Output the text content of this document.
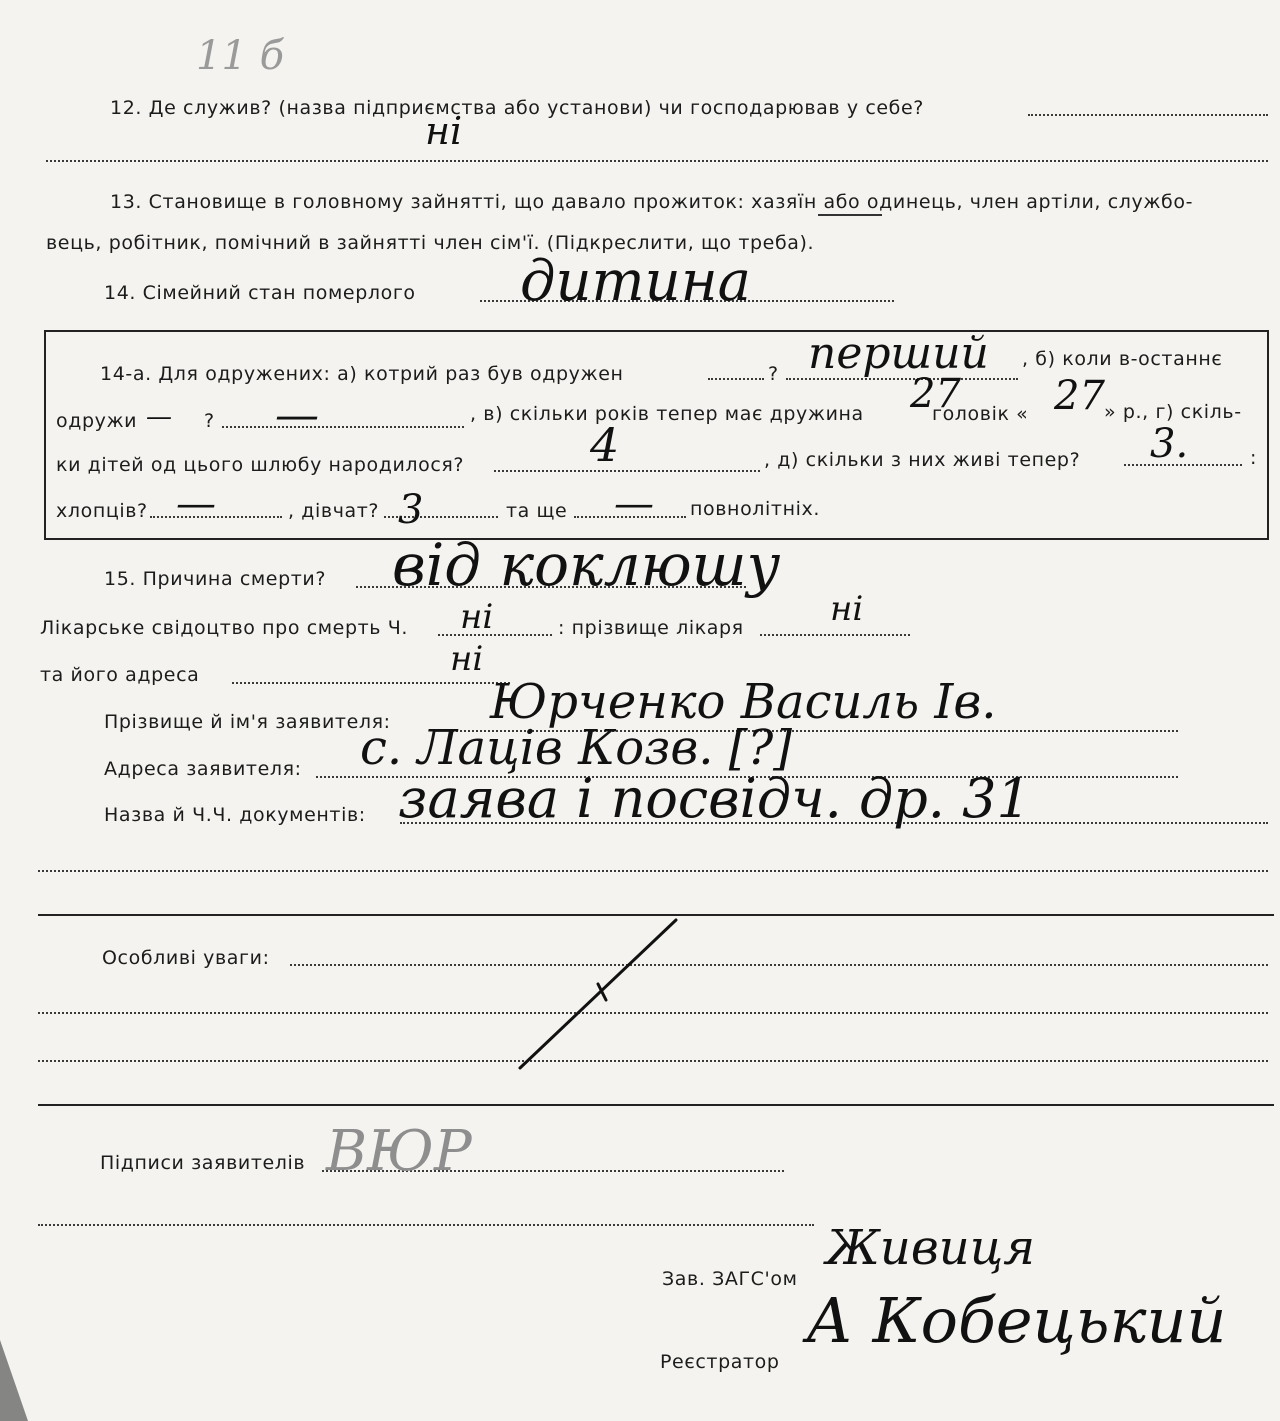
11 б
12. Де служив? (назва підприємства або установи) чи господарював у себе?
ні
13. Становище в головному зайнятті, що давало прожиток: хазяїн або одинець, член артіли, службо-
вець, робітник, помічний в зайнятті член сім'ї. (Підкреслити, що треба).
14. Сімейний стан померлого дитина
14-а. Для одружених: а) котрий раз був одружен	? перший , б) коли в-останнє
одружи — ? —	, в) скільки років тепер має дружина	головік «
27 27 » р., г) скіль-
ки дітей од цього шлюбу народилося?	4	, д) скільки з них живі тепер? 3.	:
хлопців? —	, дівчат? 3	та ще — повнолітніх.
15. Причина смерти? від коклюшу
Лікарське свідоцтво про смерть Ч. ні	: прізвище лікаря	ні
та його адреса	ні
Прізвище й ім'я заявителя: Юрченко Василь Ів.
Адреса заявителя: с. Лаців Козв. [?]
Назва й Ч.Ч. документів: заява і посвідч. др. 31
Особливі уваги:
Підписи заявителів ВЮР
Зав. ЗАГС'ом
Живиця
Реєстратор
А Кобецький
